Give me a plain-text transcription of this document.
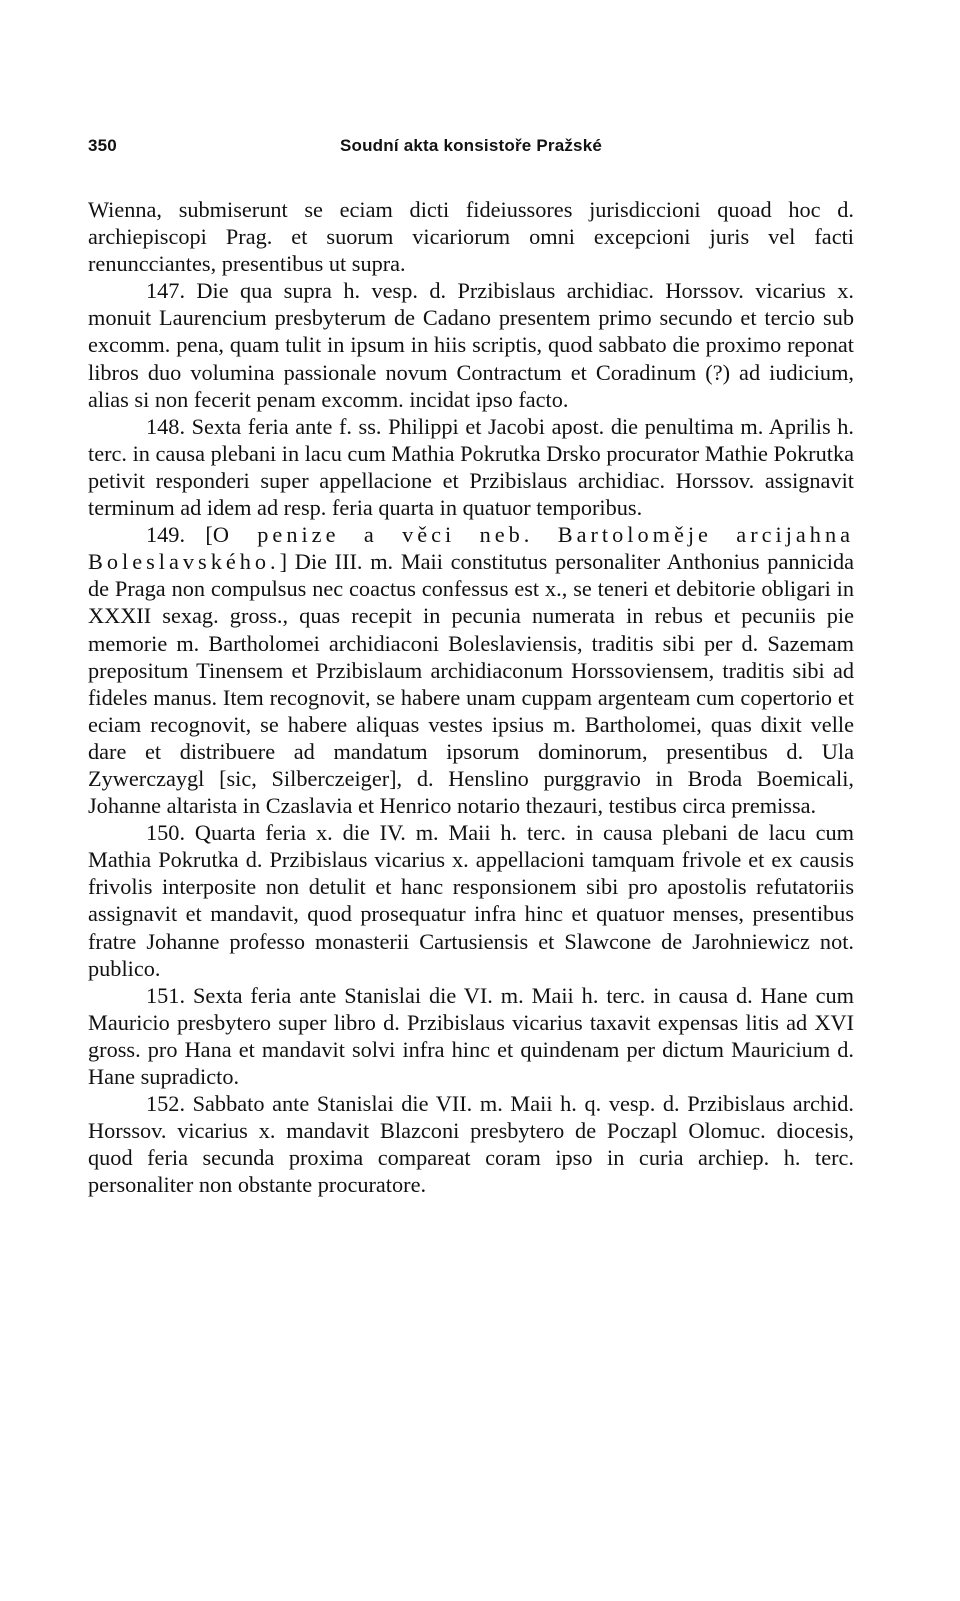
350	Soudní akta konsistoře Pražské

Wienna, submiserunt se eciam dicti fideiussores jurisdiccioni quoad hoc d. archiepiscopi Prag. et suorum vicariorum omni excepcioni juris vel facti renuncciantes, presentibus ut supra.

147. Die qua supra h. vesp. d. Przibislaus archidiac. Horssov. vicarius x. monuit Laurencium presbyterum de Cadano presentem primo secundo et tercio sub excomm. pena, quam tulit in ipsum in hiis scriptis, quod sabbato die proximo reponat libros duo volumina passionale novum Contractum et Coradinum (?) ad iudicium, alias si non fecerit penam excomm. incidat ipso facto.

148. Sexta feria ante f. ss. Philippi et Jacobi apost. die penultima m. Aprilis h. terc. in causa plebani in lacu cum Mathia Pokrutka Drsko procurator Mathie Pokrutka petivit responderi super appellacione et Przibislaus archidiac. Horssov. assignavit terminum ad idem ad resp. feria quarta in quatuor temporibus.

149. [O penize a věci neb. Bartoloměje arcijahna Boleslavského.] Die III. m. Maii constitutus personaliter Anthonius pannicida de Praga non compulsus nec coactus confessus est x., se teneri et debitorie obligari in XXXII sexag. gross., quas recepit in pecunia numerata in rebus et pecuniis pie memorie m. Bartholomei archidiaconi Boleslaviensis, traditis sibi per d. Sazemam prepositum Tinensem et Przibislaum archidiaconum Horssoviensem, traditis sibi ad fideles manus. Item recognovit, se habere unam cuppam argenteam cum copertorio et eciam recognovit, se habere aliquas vestes ipsius m. Bartholomei, quas dixit velle dare et distribuere ad mandatum ipsorum dominorum, presentibus d. Ula Zywerczaygl [sic, Silberczeiger], d. Henslino purggravio in Broda Boemicali, Johanne altarista in Czaslavia et Henrico notario thezauri, testibus circa premissa.

150. Quarta feria x. die IV. m. Maii h. terc. in causa plebani de lacu cum Mathia Pokrutka d. Przibislaus vicarius x. appellacioni tamquam frivole et ex causis frivolis interposite non detulit et hanc responsionem sibi pro apostolis refutatoriis assignavit et mandavit, quod prosequatur infra hinc et quatuor menses, presentibus fratre Johanne professo monasterii Cartusiensis et Slawcone de Jarohniewicz not. publico.

151. Sexta feria ante Stanislai die VI. m. Maii h. terc. in causa d. Hane cum Mauricio presbytero super libro d. Przibislaus vicarius taxavit expensas litis ad XVI gross. pro Hana et mandavit solvi infra hinc et quindenam per dictum Mauricium d. Hane supradicto.

152. Sabbato ante Stanislai die VII. m. Maii h. q. vesp. d. Przibislaus archid. Horssov. vicarius x. mandavit Blazconi presbytero de Poczapl Olomuc. diocesis, quod feria secunda proxima compareat coram ipso in curia archiep. h. terc. personaliter non obstante procuratore.
